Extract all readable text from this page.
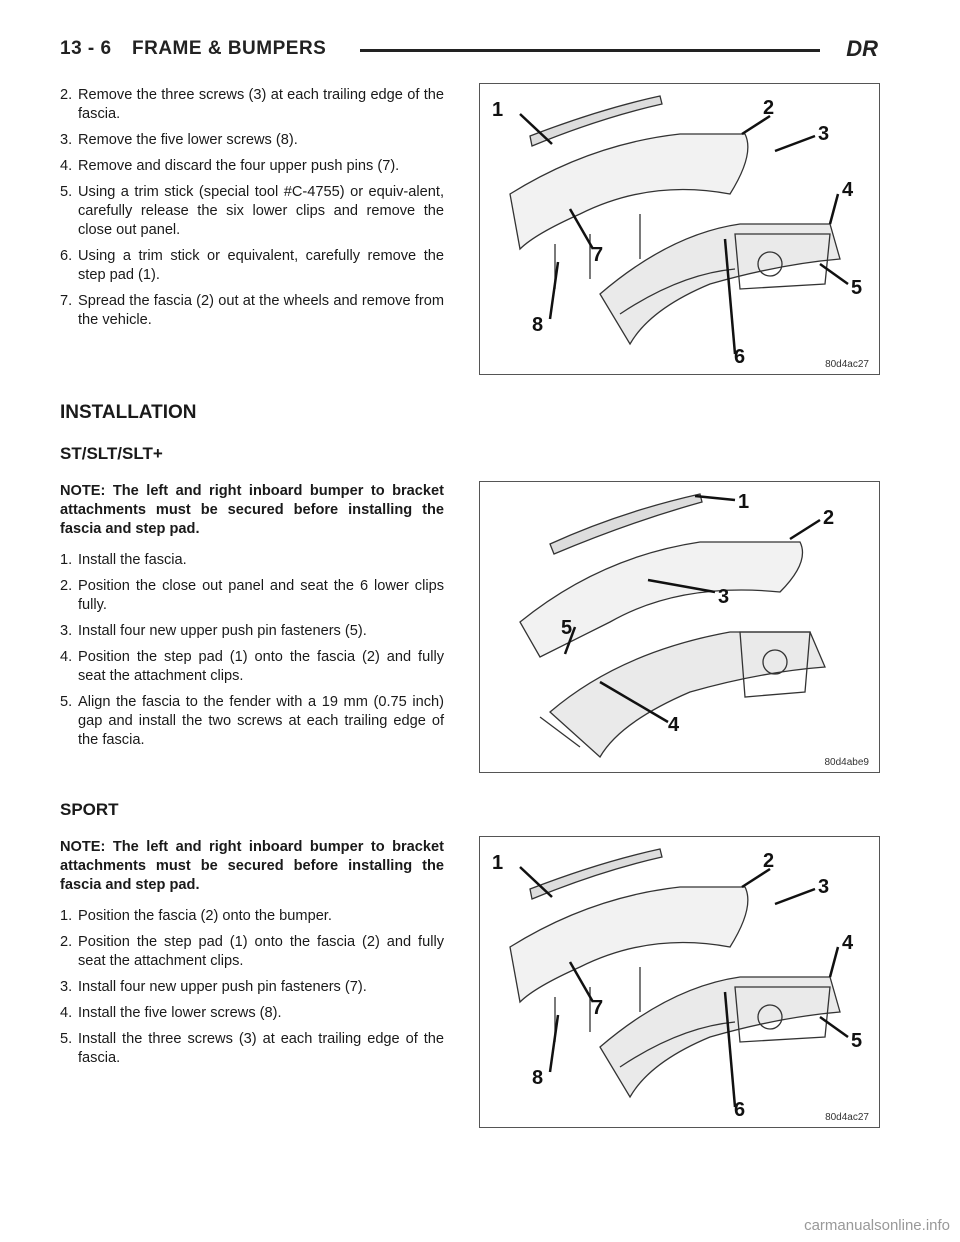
13 - 6 FRAME & BUMPERS	DR
2. Remove the three screws (3) at each trailing edge of the fascia.
3. Remove the five lower screws (8).
4. Remove and discard the four upper push pins (7).
5. Using a trim stick (special tool #C-4755) or equiv-alent, carefully release the six lower clips and remove the close out panel.
6. Using a trim stick or equivalent, carefully remove the step pad (1).
7. Spread the fascia (2) out at the wheels and remove from the vehicle.
1	2
3
4
5
6
7
8
80d4ac27
INSTALLATION
ST/SLT/SLT+
NOTE: The left and right inboard bumper to bracket attachments must be secured before installing the fascia and step pad.
1. Install the fascia.
2. Position the close out panel and seat the 6 lower clips fully.
3. Install four new upper push pin fasteners (5).
4. Position the step pad (1) onto the fascia (2) and fully seat the attachment clips.
5. Align the fascia to the fender with a 19 mm (0.75 inch) gap and install the two screws at each trailing edge of the fascia.
1
2
3
4
5
80d4abe9
SPORT
NOTE: The left and right inboard bumper to bracket attachments must be secured before installing the fascia and step pad.
1. Position the fascia (2) onto the bumper.
2. Position the step pad (1) onto the fascia (2) and fully seat the attachment clips.
3. Install four new upper push pin fasteners (7).
4. Install the five lower screws (8).
5. Install the three screws (3) at each trailing edge of the fascia.
1	2
3
4
5
6
7
8
80d4ac27
carmanualsonline.info
